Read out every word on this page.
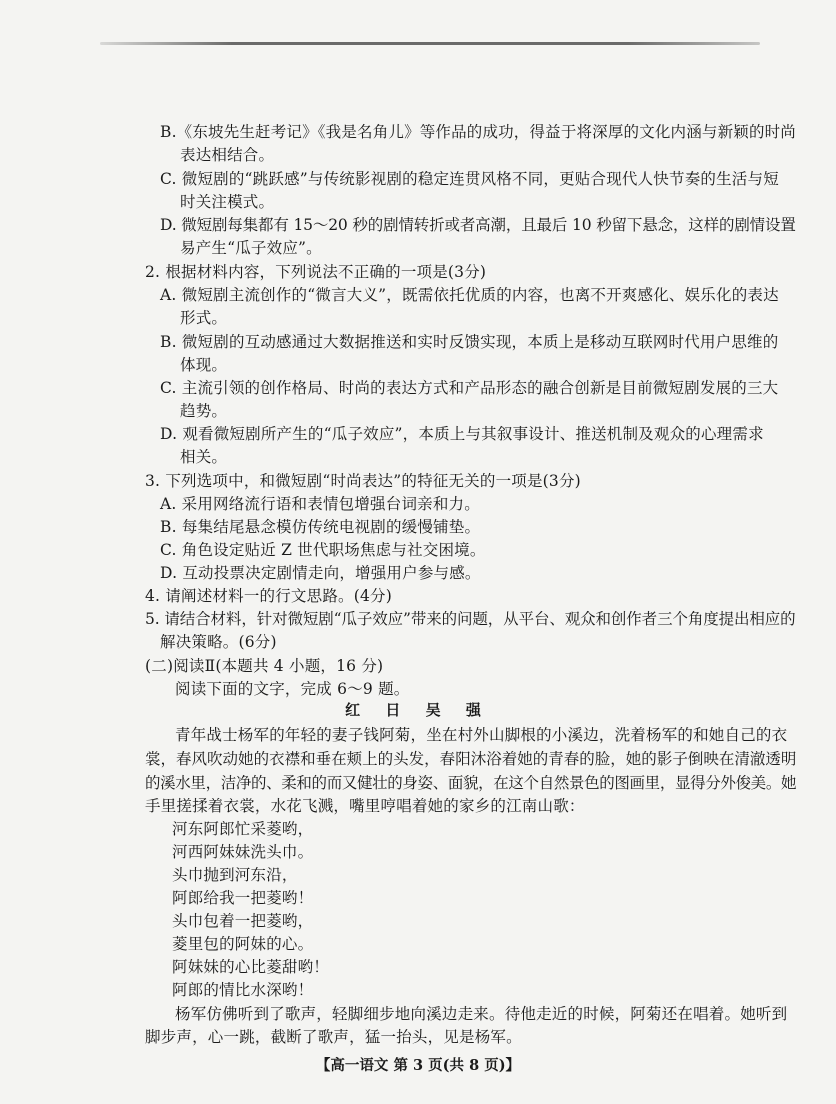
B.《东坡先生赶考记》《我是名角儿》等作品的成功，得益于将深厚的文化内涵与新颖的时尚
表达相结合。
C. 微短剧的“跳跃感”与传统影视剧的稳定连贯风格不同，更贴合现代人快节奏的生活与短
时关注模式。
D. 微短剧每集都有 15～20 秒的剧情转折或者高潮，且最后 10 秒留下悬念，这样的剧情设置
易产生“瓜子效应”。
2. 根据材料内容，下列说法不正确的一项是(3分)
A. 微短剧主流创作的“微言大义”，既需依托优质的内容，也离不开爽感化、娱乐化的表达
形式。
B. 微短剧的互动感通过大数据推送和实时反馈实现，本质上是移动互联网时代用户思维的
体现。
C. 主流引领的创作格局、时尚的表达方式和产品形态的融合创新是目前微短剧发展的三大
趋势。
D. 观看微短剧所产生的“瓜子效应”，本质上与其叙事设计、推送机制及观众的心理需求
相关。
3. 下列选项中，和微短剧“时尚表达”的特征无关的一项是(3分)
A. 采用网络流行语和表情包增强台词亲和力。
B. 每集结尾悬念模仿传统电视剧的缓慢铺垫。
C. 角色设定贴近 Z 世代职场焦虑与社交困境。
D. 互动投票决定剧情走向，增强用户参与感。
4. 请阐述材料一的行文思路。(4分)
5. 请结合材料，针对微短剧“瓜子效应”带来的问题，从平台、观众和创作者三个角度提出相应的
解决策略。(6分)
(二)阅读Ⅱ(本题共 4 小题，16 分)
阅读下面的文字，完成 6～9 题。
红 日 吴 强
青年战士杨军的年轻的妻子钱阿菊，坐在村外山脚根的小溪边，洗着杨军的和她自己的衣
裳，春风吹动她的衣襟和垂在颊上的头发，春阳沐浴着她的青春的脸，她的影子倒映在清澈透明
的溪水里，洁净的、柔和的而又健壮的身姿、面貌，在这个自然景色的图画里，显得分外俊美。她
手里搓揉着衣裳，水花飞溅，嘴里哼唱着她的家乡的江南山歌：
河东阿郎忙采菱哟，
河西阿妹妹洗头巾。
头巾抛到河东沿，
阿郎给我一把菱哟！
头巾包着一把菱哟，
菱里包的阿妹的心。
阿妹妹的心比菱甜哟！
阿郎的情比水深哟！
杨军仿佛听到了歌声，轻脚细步地向溪边走来。待他走近的时候，阿菊还在唱着。她听到
脚步声，心一跳，截断了歌声，猛一抬头，见是杨军。
【高一语文 第 3 页(共 8 页)】
